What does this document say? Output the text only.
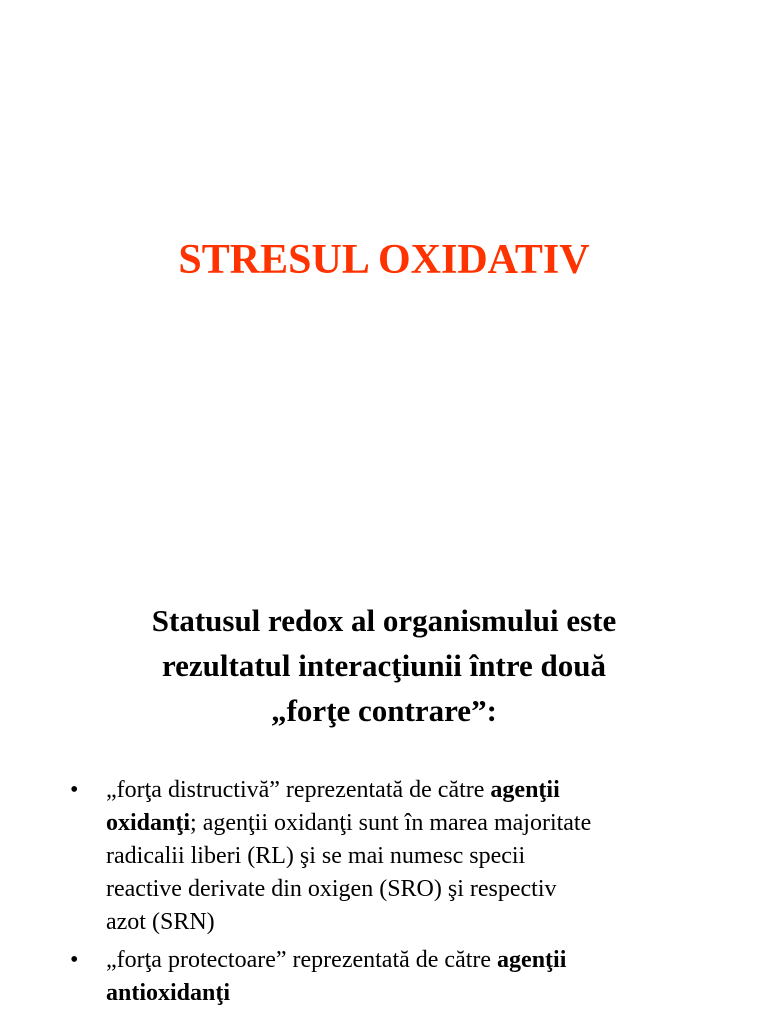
STRESUL OXIDATIV
Statusul redox al organismului este
rezultatul interacţiunii între două
„forţe contrare”:
• „forţa distructivă” reprezentată de către agenţii
oxidanţi; agenţii oxidanţi sunt în marea majoritate
radicalii liberi (RL) şi se mai numesc specii
reactive derivate din oxigen (SRO) şi respectiv
azot (SRN)
• „forţa protectoare” reprezentată de către agenţii
antioxidanţi
